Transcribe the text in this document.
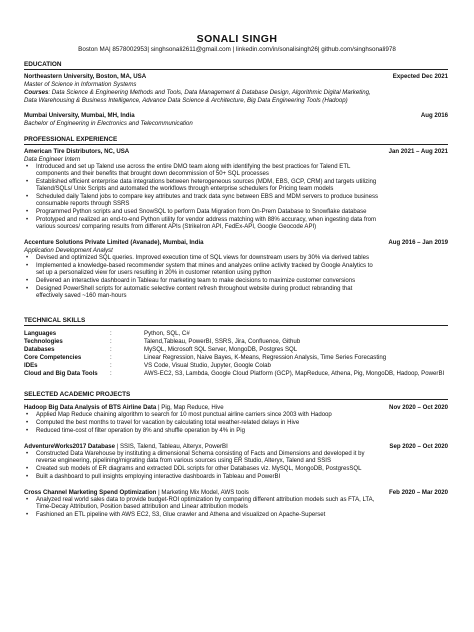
SONALI SINGH
Boston MA| 8578002953| singhsonali2611@gmail.com | linkedin.com/in/sonalisingh26| github.com/singhsonali978
EDUCATION
Northeastern University, Boston, MA, USA	Expected Dec 2021
Master of Science in Information Systems
Courses: Data Science & Engineering Methods and Tools, Data Management & Database Design, Algorithmic Digital Marketing,
Data Warehousing & Business Intelligence, Advance Data Science & Architecture, Big Data Engineering Tools (Hadoop)
Mumbai University, Mumbai, MH, India	Aug 2016
Bachelor of Engineering in Electronics and Telecommunication
PROFESSIONAL EXPERIENCE
American Tire Distributors, NC, USA	Jan 2021 – Aug 2021
Data Engineer Intern
• Introduced and set up Talend use across the entire DMO team along with identifying the best practices for Talend ETL
components and their benefits that brought down decommission of 50+ SQL processes
• Established efficient enterprise data integrations between heterogeneous sources (MDM, EBS, GCP, CRM) and targets utilizing
Talend/SQLs/ Unix Scripts and automated the workflows through enterprise schedulers for Pricing team models
• Scheduled daily Talend jobs to compare key attributes and track data sync between EBS and MDM servers to produce business
consumable reports through SSRS
• Programmed Python scripts and used SnowSQL to perform Data Migration from On-Prem Database to Snowflake database
• Prototyped and realized an end-to-end Python utility for vendor address matching with 88% accuracy, when ingesting data from
various sources/ comparing results from different APIs (StrikeIron API, FedEx-API, Google Geocode API)
Accenture Solutions Private Limited (Avanade), Mumbai, India	Aug 2016 – Jan 2019
Application Development Analyst
• Devised and optimized SQL queries. Improved execution time of SQL views for downstream users by 30% via derived tables
• Implemented a knowledge-based recommender system that mines and analyzes online activity tracked by Google Analytics to
set up a personalized view for users resulting in 20% in customer retention using python
• Delivered an interactive dashboard in Tableau for marketing team to make decisions to maximize customer conversions
• Designed PowerShell scripts for automatic selective content refresh throughout website during product rebranding that
effectively saved ~160 man-hours
TECHNICAL SKILLS
Languages	:	Python, SQL, C#
Technologies	:	Talend,Tableau, PowerBI, SSRS, Jira, Confluence, Github
Databases	:	MySQL, Microsoft SQL Server, MongoDB, Postgres SQL
Core Competencies	:	Linear Regression, Naive Bayes, K-Means, Regression Analysis, Time Series Forecasting
IDEs	:	VS Code, Visual Studio, Jupyter, Google Colab
Cloud and Big Data Tools :	AWS-EC2, S3, Lambda, Google Cloud Platform (GCP), MapReduce, Athena, Pig, MongoDB, Hadoop, PowerBI
SELECTED ACADEMIC PROJECTS
Hadoop Big Data Analysis of BTS Airline Data | Pig, Map Reduce, Hive	Nov 2020 – Oct 2020
• Applied Map Reduce chaining algorithm to search for 10 most punctual airline carriers since 2003 with Hadoop
• Computed the best months to travel for vacation by calculating total weather-related delays in Hive
• Reduced time-cost of filter operation by 8% and shuffle operation by 4% in Pig
AdventureWorks2017 Database | SSIS, Talend, Tableau, Alteryx, PowerBI	Sep 2020 – Oct 2020
• Constructed Data Warehouse by instituting a dimensional Schema consisting of Facts and Dimensions and developed it by
reverse engineering, pipelining/migrating data from various sources using ER Studio, Alteryx, Talend and SSIS
• Created sub models of ER diagrams and extracted DDL scripts for other Databases viz. MySQL, MongoDB, PostgresSQL
• Built a dashboard to pull insights employing interactive dashboards in Tableau and PowerBI
Cross Channel Marketing Spend Optimization | Marketing Mix Model, AWS tools	Feb 2020 – Mar 2020
• Analyzed real world sales data to provide budget-ROI optimization by comparing different attribution models such as FTA, LTA,
Time-Decay Attribution, Position based attribution and Linear attribution models
• Fashioned an ETL pipeline with AWS EC2, S3, Glue crawler and Athena and visualized on Apache-Superset
